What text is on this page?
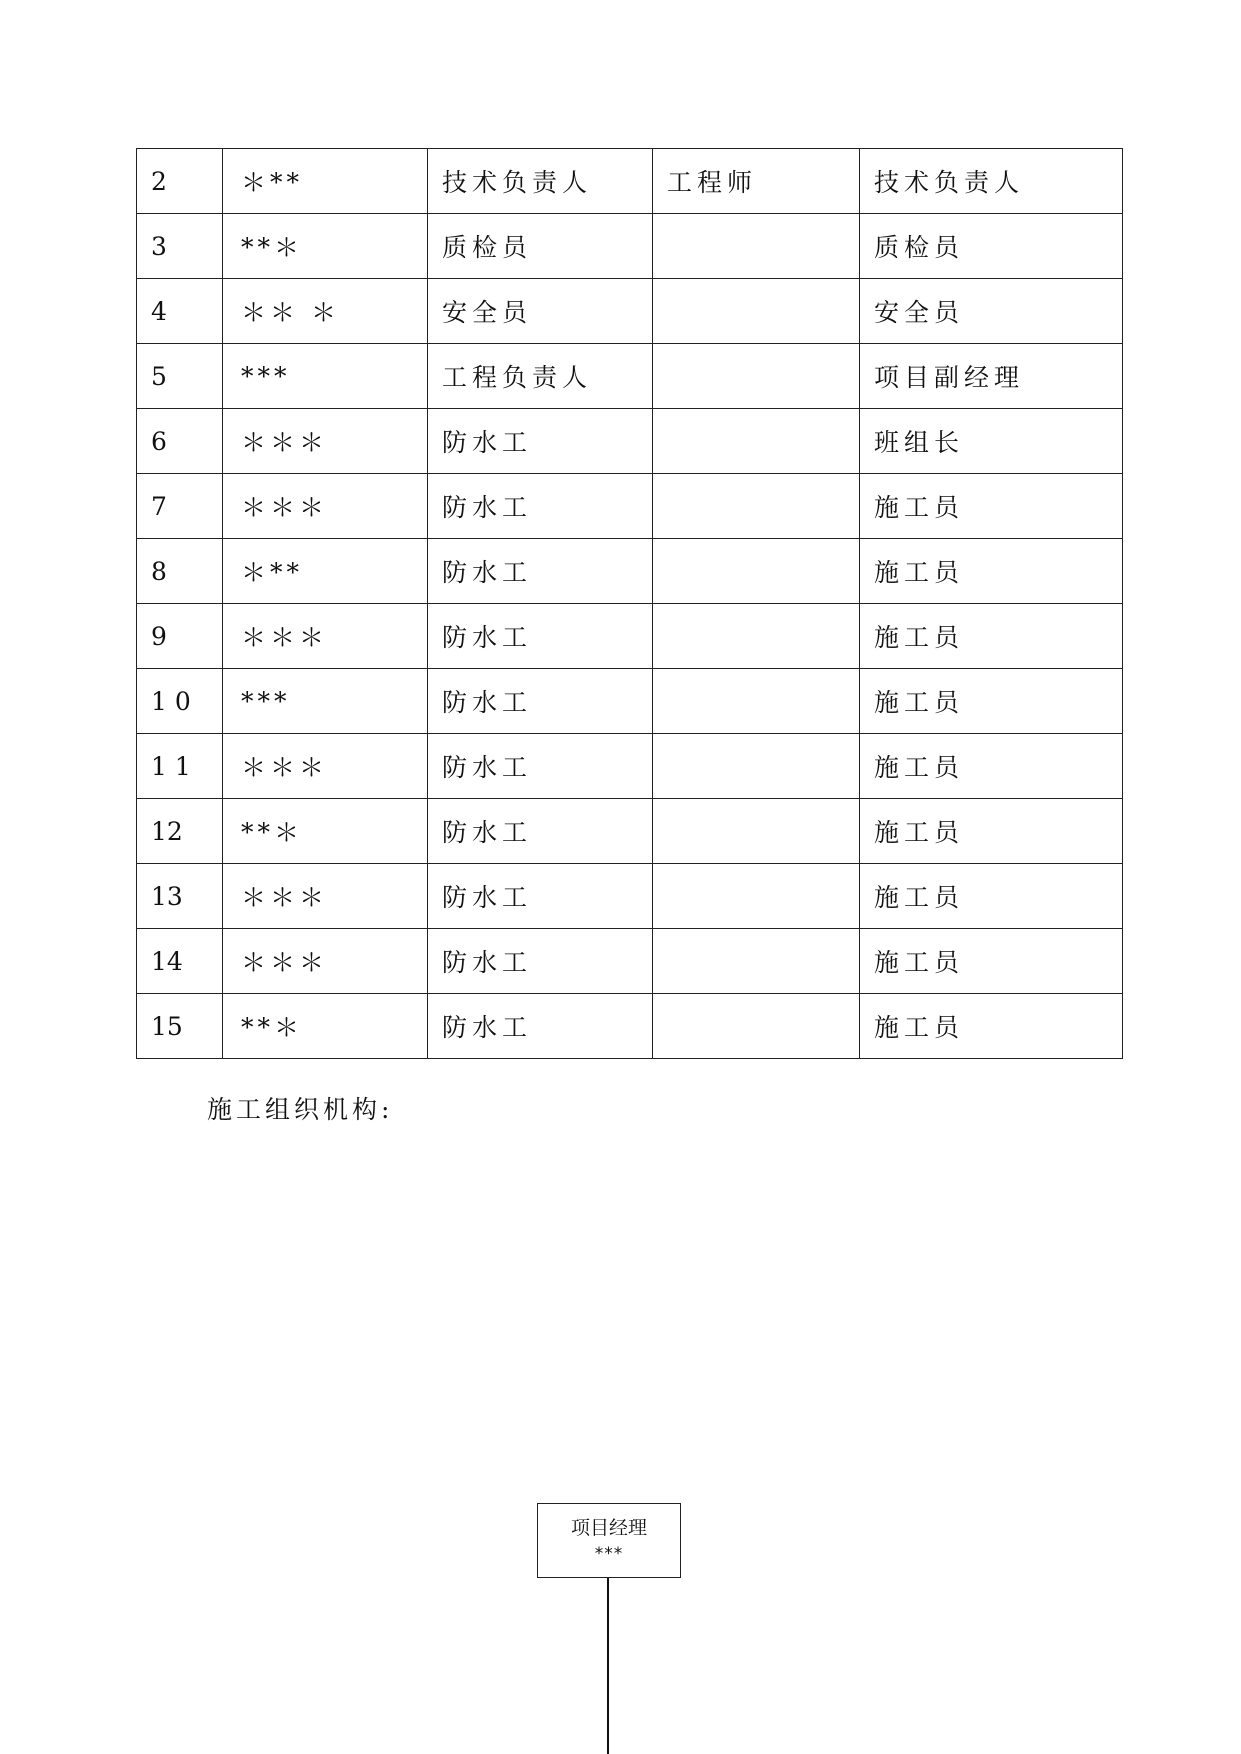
2	＊**	技术负责人	工程师	技术负责人
3	**＊	质检员		质检员
4	＊＊ ＊	安全员		安全员
5	***	工程负责人		项目副经理
6	＊＊＊	防水工		班组长
7	＊＊＊	防水工		施工员
8	＊**	防水工		施工员
9	＊＊＊	防水工		施工员
1 0	***	防水工		施工员
1 1	＊＊＊	防水工		施工员
12	**＊	防水工		施工员
13	＊＊＊	防水工		施工员
14	＊＊＊	防水工		施工员
15	**＊	防水工		施工员

施工组织机构:

项目经理
***
